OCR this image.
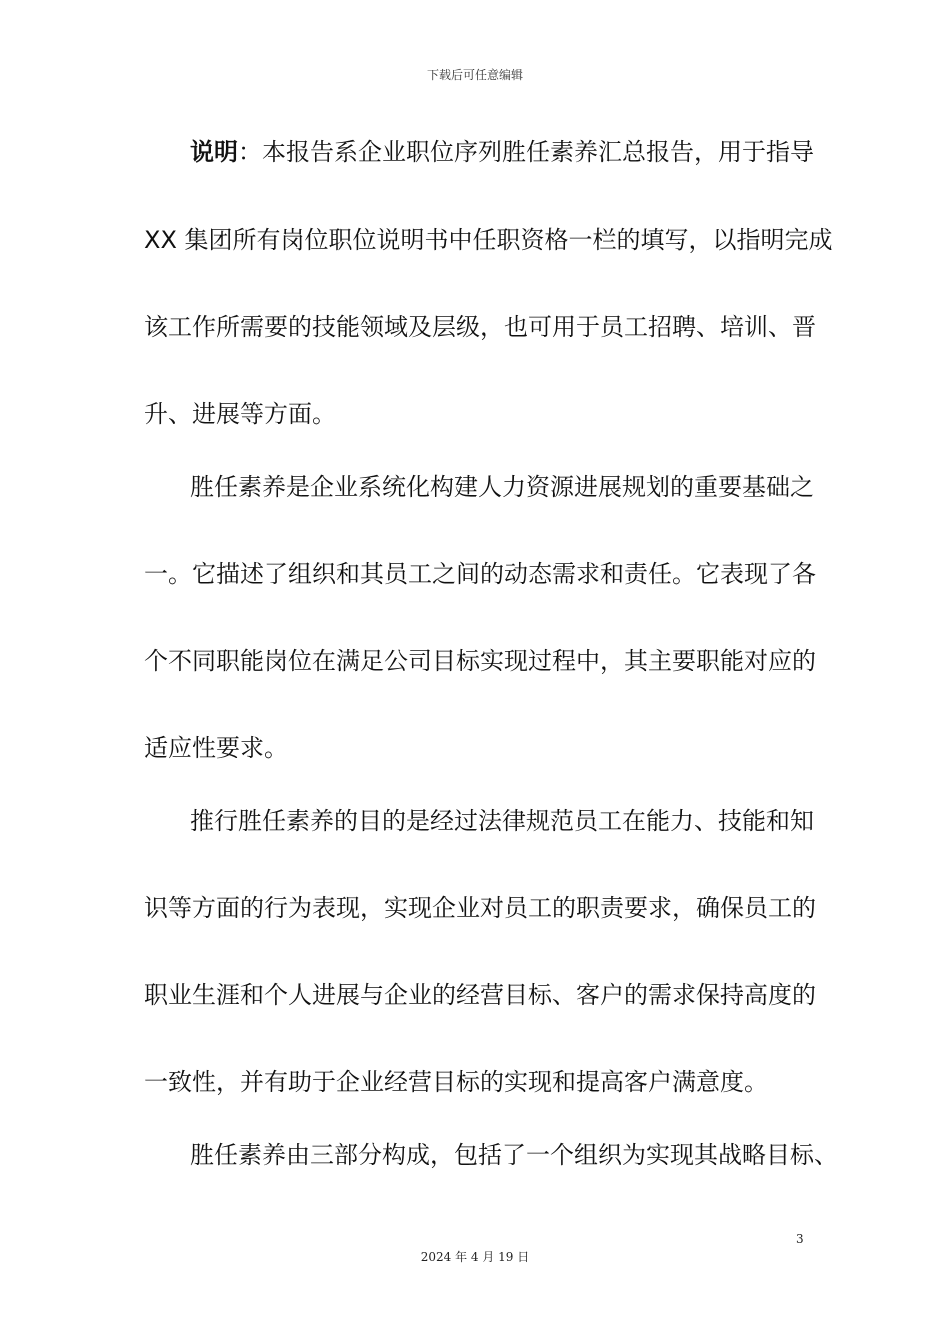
下载后可任意编辑
说明：本报告系企业职位序列胜任素养汇总报告，用于指导
XX 集团所有岗位职位说明书中任职资格一栏的填写，以指明完成
该工作所需要的技能领域及层级，也可用于员工招聘、培训、晋
升、进展等方面。
胜任素养是企业系统化构建人力资源进展规划的重要基础之
一。它描述了组织和其员工之间的动态需求和责任。它表现了各
个不同职能岗位在满足公司目标实现过程中，其主要职能对应的
适应性要求。
推行胜任素养的目的是经过法律规范员工在能力、技能和知
识等方面的行为表现，实现企业对员工的职责要求，确保员工的
职业生涯和个人进展与企业的经营目标、客户的需求保持高度的
一致性，并有助于企业经营目标的实现和提高客户满意度。
胜任素养由三部分构成，包括了一个组织为实现其战略目标、
3
2024 年 4 月 19 日
